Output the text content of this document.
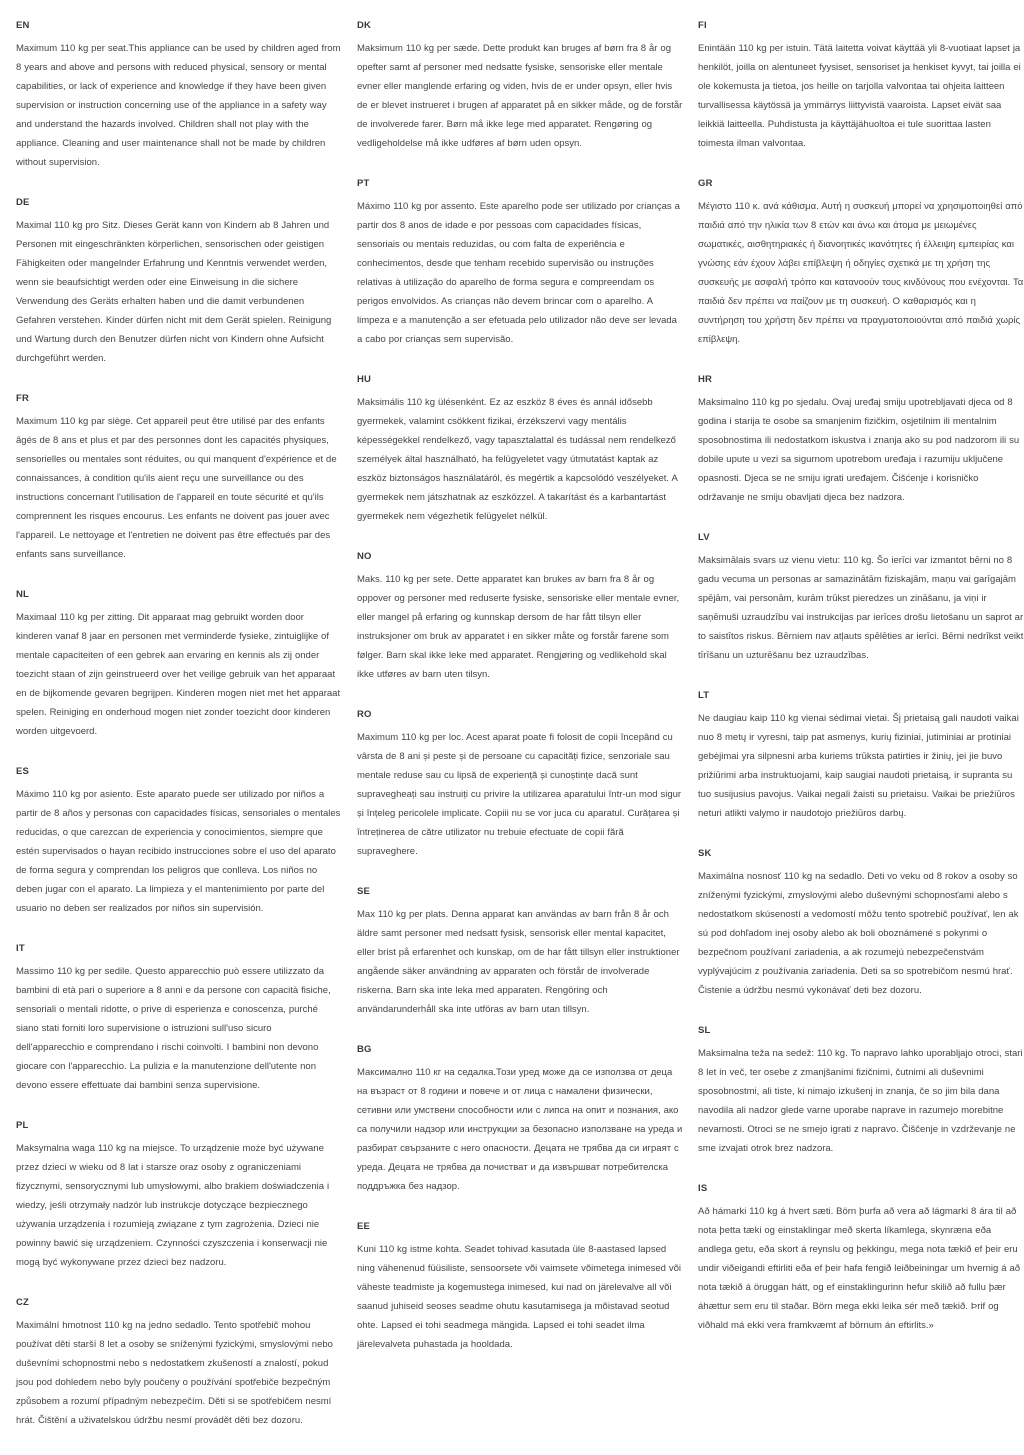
EN

Maximum 110 kg per seat.This appliance can be used by children aged from 8 years and above and persons with reduced physical, sensory or mental capabilities, or lack of experience and knowledge if they have been given supervision or instruction concerning use of the appliance in a safety way and understand the hazards involved. Children shall not play with the appliance. Cleaning and user maintenance shall not be made by children without supervision.

DE

Maximal 110 kg pro Sitz. Dieses Gerät kann von Kindern ab 8 Jahren und Personen mit eingeschränkten körperlichen, sensorischen oder geistigen Fähigkeiten oder mangelnder Erfahrung und Kenntnis verwendet werden, wenn sie beaufsichtigt werden oder eine Einweisung in die sichere Verwendung des Geräts erhalten haben und die damit verbundenen Gefahren verstehen. Kinder dürfen nicht mit dem Gerät spielen. Reinigung und Wartung durch den Benutzer dürfen nicht von Kindern ohne Aufsicht durchgeführt werden.

FR

Maximum 110 kg par siège. Cet appareil peut être utilisé par des enfants âgés de 8 ans et plus et par des personnes dont les capacités physiques, sensorielles ou mentales sont réduites, ou qui manquent d'expérience et de connaissances, à condition qu'ils aient reçu une surveillance ou des instructions concernant l'utilisation de l'appareil en toute sécurité et qu'ils comprennent les risques encourus. Les enfants ne doivent pas jouer avec l'appareil. Le nettoyage et l'entretien ne doivent pas être effectués par des enfants sans surveillance.

NL

Maximaal 110 kg per zitting. Dit apparaat mag gebruikt worden door kinderen vanaf 8 jaar en personen met verminderde fysieke, zintuiglijke of mentale capaciteiten of een gebrek aan ervaring en kennis als zij onder toezicht staan of zijn geinstrueerd over het veilige gebruik van het apparaat en de bijkomende gevaren begrijpen. Kinderen mogen niet met het apparaat spelen. Reiniging en onderhoud mogen niet zonder toezicht door kinderen worden uitgevoerd.

ES

Máximo 110 kg por asiento. Este aparato puede ser utilizado por niños a partir de 8 años y personas con capacidades físicas, sensoriales o mentales reducidas, o que carezcan de experiencia y conocimientos, siempre que estén supervisados o hayan recibido instrucciones sobre el uso del aparato de forma segura y comprendan los peligros que conlleva. Los niños no deben jugar con el aparato. La limpieza y el mantenimiento por parte del usuario no deben ser realizados por niños sin supervisión.

IT

Massimo 110 kg per sedile. Questo apparecchio può essere utilizzato da bambini di età pari o superiore a 8 anni e da persone con capacità fisiche, sensoriali o mentali ridotte, o prive di esperienza e conoscenza, purché siano stati forniti loro supervisione o istruzioni sull'uso sicuro dell'apparecchio e comprendano i rischi coinvolti. I bambini non devono giocare con l'apparecchio. La pulizia e la manutenzione dell'utente non devono essere effettuate dai bambini senza supervisione.

PL

Maksymalna waga 110 kg na miejsce. To urządzenie może być używane przez dzieci w wieku od 8 lat i starsze oraz osoby z ograniczeniami fizycznymi, sensorycznymi lub umysłowymi, albo brakiem doświadczenia i wiedzy, jeśli otrzymały nadzór lub instrukcje dotyczące bezpiecznego używania urządzenia i rozumieją związane z tym zagrożenia. Dzieci nie powinny bawić się urządzeniem. Czynności czyszczenia i konserwacji nie mogą być wykonywane przez dzieci bez nadzoru.

CZ

Maximální hmotnost 110 kg na jedno sedadlo. Tento spotřebič mohou používat děti starší 8 let a osoby se sníženými fyzickými, smyslovými nebo duševními schopnostmi nebo s nedostatkem zkušeností a znalostí, pokud jsou pod dohledem nebo byly poučeny o používání spotřebiče bezpečným způsobem a rozumí případným nebezpečím. Děti si se spotřebičem nesmí hrát. Čištění a uživatelskou údržbu nesmí provádět děti bez dozoru.

DK

Maksimum 110 kg per sæde. Dette produkt kan bruges af børn fra 8 år og opefter samt af personer med nedsatte fysiske, sensoriske eller mentale evner eller manglende erfaring og viden, hvis de er under opsyn, eller hvis de er blevet instrueret i brugen af apparatet på en sikker måde, og de forstår de involverede farer. Børn må ikke lege med apparatet. Rengøring og vedligeholdelse må ikke udføres af børn uden opsyn.

PT

Máximo 110 kg por assento. Este aparelho pode ser utilizado por crianças a partir dos 8 anos de idade e por pessoas com capacidades físicas, sensoriais ou mentais reduzidas, ou com falta de experiência e conhecimentos, desde que tenham recebido supervisão ou instruções relativas à utilização do aparelho de forma segura e compreendam os perigos envolvidos. As crianças não devem brincar com o aparelho. A limpeza e a manutenção a ser efetuada pelo utilizador não deve ser levada a cabo por crianças sem supervisão.

HU

Maksimális 110 kg ülésenként. Ez az eszköz 8 éves és annál idősebb gyermekek, valamint csökkent fizikai, érzékszervi vagy mentális képességekkel rendelkező, vagy tapasztalattal és tudással nem rendelkező személyek által használható, ha felügyeletet vagy útmutatást kaptak az eszköz biztonságos használatáról, és megértik a kapcsolódó veszélyeket. A gyermekek nem játszhatnak az eszközzel. A takarítást és a karbantartást gyermekek nem végezhetik felügyelet nélkül.

NO

Maks. 110 kg per sete. Dette apparatet kan brukes av barn fra 8 år og oppover og personer med reduserte fysiske, sensoriske eller mentale evner, eller mangel på erfaring og kunnskap dersom de har fått tilsyn eller instruksjoner om bruk av apparatet i en sikker måte og forstår farene som følger. Barn skal ikke leke med apparatet. Rengjøring og vedlikehold skal ikke utføres av barn uten tilsyn.

RO

Maximum 110 kg per loc. Acest aparat poate fi folosit de copii începând cu vârsta de 8 ani și peste și de persoane cu capacități fizice, senzoriale sau mentale reduse sau cu lipsă de experiență și cunoștințe dacă sunt supravegheați sau instruiți cu privire la utilizarea aparatului într-un mod sigur și înțeleg pericolele implicate. Copiii nu se vor juca cu aparatul. Curățarea și întreținerea de către utilizator nu trebuie efectuate de copii fără supraveghere.

SE

Max 110 kg per plats. Denna apparat kan användas av barn från 8 år och äldre samt personer med nedsatt fysisk, sensorisk eller mental kapacitet, eller brist på erfarenhet och kunskap, om de har fått tillsyn eller instruktioner angående säker användning av apparaten och förstår de involverade riskerna. Barn ska inte leka med apparaten. Rengöring och användarunderhåll ska inte utföras av barn utan tillsyn.

BG

Максимално 110 кг на седалка.Този уред може да се използва от деца на възраст от 8 години и повече и от лица с намалени физически, сетивни или умствени способности или с липса на опит и познания, ако са получили надзор или инструкции за безопасно използване на уреда и разбират свързаните с него опасности. Децата не трябва да си играят с уреда. Децата не трябва да почистват и да извършват потребителска поддръжка без надзор.

EE

Kuni 110 kg istme kohta. Seadet tohivad kasutada üle 8-aastased lapsed ning vähenenud füüsiliste, sensoorsete või vaimsete võimetega inimesed või väheste teadmiste ja kogemustega inimesed, kui nad on järelevalve all või saanud juhiseid seoses seadme ohutu kasutamisega ja mõistavad seotud ohte. Lapsed ei tohi seadmega mängida. Lapsed ei tohi seadet ilma järelevalveta puhastada ja hooldada.

FI

Enintään 110 kg per istuin. Tätä laitetta voivat käyttää yli 8-vuotiaat lapset ja henkilöt, joilla on alentuneet fyysiset, sensoriset ja henkiset kyvyt, tai joilla ei ole kokemusta ja tietoa, jos heille on tarjolla valvontaa tai ohjeita laitteen turvallisessa käytössä ja ymmärrys liittyvistä vaaroista. Lapset eivät saa leikkiä laitteella. Puhdistusta ja käyttäjähuoltoa ei tule suorittaa lasten toimesta ilman valvontaa.

GR

Μέγιστο 110 κ. ανά κάθισμα. Αυτή η συσκευή μπορεί να χρησιμοποιηθεί από παιδιά από την ηλικία των 8 ετών και άνω και άτομα με μειωμένες σωματικές, αισθητηριακές ή διανοητικές ικανότητες ή έλλειψη εμπειρίας και γνώσης εάν έχουν λάβει επίβλεψη ή οδηγίες σχετικά με τη χρήση της συσκευής με ασφαλή τρόπο και κατανοούν τους κινδύνους που ενέχονται. Τα παιδιά δεν πρέπει να παίζουν με τη συσκευή. Ο καθαρισμός και η συντήρηση του χρήστη δεν πρέπει να πραγματοποιούνται από παιδιά χωρίς επίβλεψη.

HR

Maksimalno 110 kg po sjedalu. Ovaj uređaj smiju upotrebljavati djeca od 8 godina i starija te osobe sa smanjenim fizičkim, osjetilnim ili mentalnim sposobnostima ili nedostatkom iskustva i znanja ako su pod nadzorom ili su dobile upute u vezi sa sigurnom upotrebom uređaja i razumiju uključene opasnosti. Djeca se ne smiju igrati uređajem. Čišćenje i korisničko održavanje ne smiju obavljati djeca bez nadzora.

LV

Maksimālais svars uz vienu vietu: 110 kg. Šo ierīci var izmantot bērni no 8 gadu vecuma un personas ar samazinātām fiziskajām, maņu vai garīgajām spējām, vai personām, kurām trūkst pieredzes un zināšanu, ja viņi ir saņēmuši uzraudzību vai instrukcijas par ierīces drošu lietošanu un saprot ar to saistītos riskus. Bērniem nav atļauts spēlēties ar ierīci. Bērni nedrīkst veikt tīrīšanu un uzturēšanu bez uzraudzības.

LT

Ne daugiau kaip 110 kg vienai sėdimai vietai. Šį prietaisą gali naudoti vaikai nuo 8 metų ir vyresni, taip pat asmenys, kurių fiziniai, jutiminiai ar protiniai gebėjimai yra silpnesni arba kuriems trūksta patirties ir žinių, jei jie buvo prižiūrimi arba instruktuojami, kaip saugiai naudoti prietaisą, ir supranta su tuo susijusius pavojus. Vaikai negali žaisti su prietaisu. Vaikai be priežiūros neturi atlikti valymo ir naudotojo priežiūros darbų.

SK

Maximálna nosnosť 110 kg na sedadlo. Deti vo veku od 8 rokov a osoby so zníženými fyzickými, zmyslovými alebo duševnými schopnosťami alebo s nedostatkom skúseností a vedomostí môžu tento spotrebič používať, len ak sú pod dohľadom inej osoby alebo ak boli oboznámené s pokynmi o bezpečnom používaní zariadenia, a ak rozumejú nebezpečenstvám vyplývajúcim z používania zariadenia. Deti sa so spotrebičom nesmú hrať. Čistenie a údržbu nesmú vykonávať deti bez dozoru.

SL

Maksimalna teža na sedež: 110 kg. To napravo lahko uporabljajo otroci, stari 8 let in več, ter osebe z zmanjšanimi fizičnimi, čutnimi ali duševnimi sposobnostmi, ali tiste, ki nimajo izkušenj in znanja, če so jim bila dana navodila ali nadzor glede varne uporabe naprave in razumejo morebitne nevarnosti. Otroci se ne smejo igrati z napravo. Čiščenje in vzdrževanje ne sme izvajati otrok brez nadzora.

IS

Að hámarki 110 kg á hvert sæti. Börn þurfa að vera að lágmarki 8 ára til að nota þetta tæki og einstaklingar með skerta líkamlega, skynræna eða andlega getu, eða skort á reynslu og þekkingu, mega nota tækið ef þeir eru undir viðeigandi eftirliti eða ef þeir hafa fengið leiðbeiningar um hvernig á að nota tækið á öruggan hátt, og ef einstaklingurinn hefur skilið að fullu þær áhættur sem eru til staðar. Börn mega ekki leika sér með tækið. Þrif og viðhald má ekki vera framkvæmt af börnum án eftirlits.»
